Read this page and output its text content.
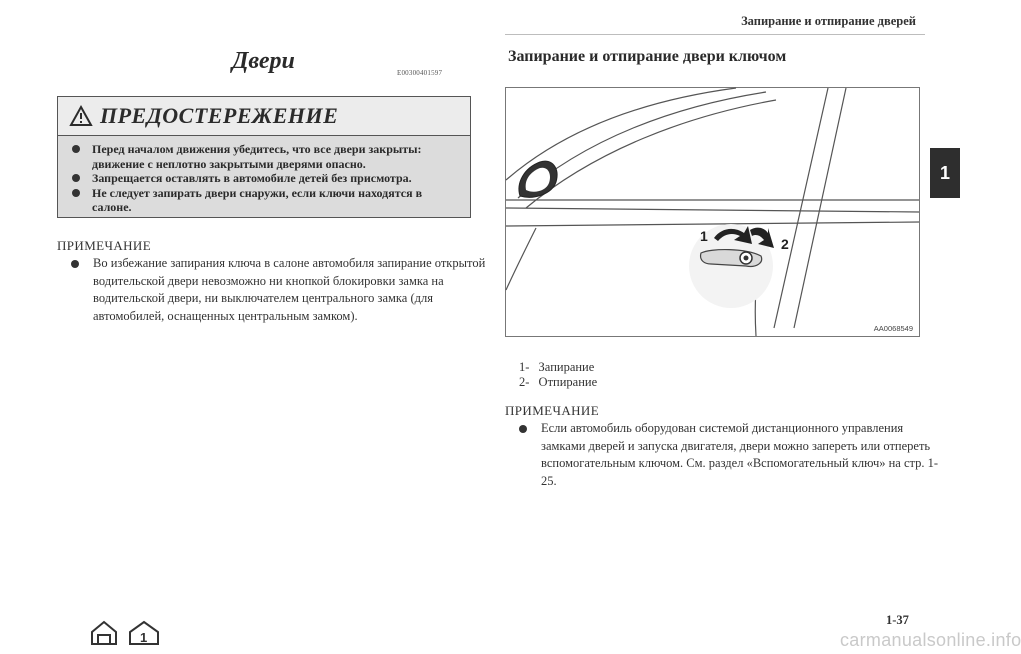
Запирание и отпирание дверей
1
Двери	E00300401597
ПРЕДОСТЕРЕЖЕНИЕ
Перед началом движения убедитесь, что все двери закрыты: движение с неплотно закрытыми дверями опасно.
Запрещается оставлять в автомобиле детей без присмотра.
Не следует запирать двери снаружи, если ключи находятся в салоне.
ПРИМЕЧАНИЕ
Во избежание запирания ключа в салоне автомобиля запирание открытой водительской двери невозможно ни кнопкой блокировки замка на водительской двери, ни выключателем центрального замка (для автомобилей, оснащенных центральным замком).
Запирание и отпирание двери ключом
1	2
AA0068549
1- Запирание
2- Отпирание
ПРИМЕЧАНИЕ
Если автомобиль оборудован системой дистанционного управления замками дверей и запуска двигателя, двери можно запереть или отпереть вспомогательным ключом. См. раздел «Вспомогательный ключ» на стр. 1-25.
1-37
1	carmanualsonline.info
